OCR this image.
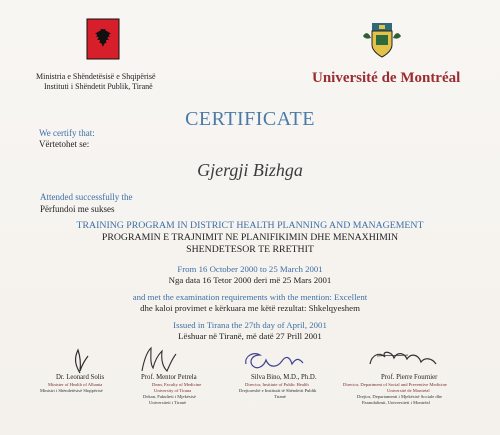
Ministria e Shëndetësisë e Shqipërisë
Instituti i Shëndetit Publik, Tiranë
Université de Montréal
CERTIFICATE
We certify that:
Vërtetohet se:
Gjergji Bizhga
Attended successfully the
Përfundoi me sukses
TRAINING PROGRAM IN DISTRICT HEALTH PLANNING AND MANAGEMENT
PROGRAMIN E TRAJNIMIT NE PLANIFIKIMIN DHE MENAXHIMIN
SHENDETESOR TE RRETHIT
From 16 October 2000 to 25 March 2001
Nga data 16 Tetor 2000 deri më 25 Mars 2001
and met the examination requirements with the mention: Excellent
dhe kaloi provimet e kërkuara me këtë rezultat: Shkelqyeshem
Issued in Tirana the 27th day of April, 2001
Lëshuar në Tiranë, më datë 27 Prill 2001
Dr. Leonard Solis
Minister of Health of Albania
Ministri i Shëndetësisë Shqipërisë
Prof. Mentor Petrela
Dean, Faculty of Medicine
University of Tirana
Dekan, Fakulteti i Mjekësisë
Universiteti i Tiranë
Silva Bino, M.D., Ph.D.
Director, Institute of Public Health
Drejtoreshë e Institutit të Shëndetit Publik
Tiranë
Prof. Pierre Fournier
Director, Department of Social and Preventive Medicine
Université de Montréal
Drejtor, Departamenti i Mjekësisë Sociale dhe
Parandalimit, Universiteti i Montréal
